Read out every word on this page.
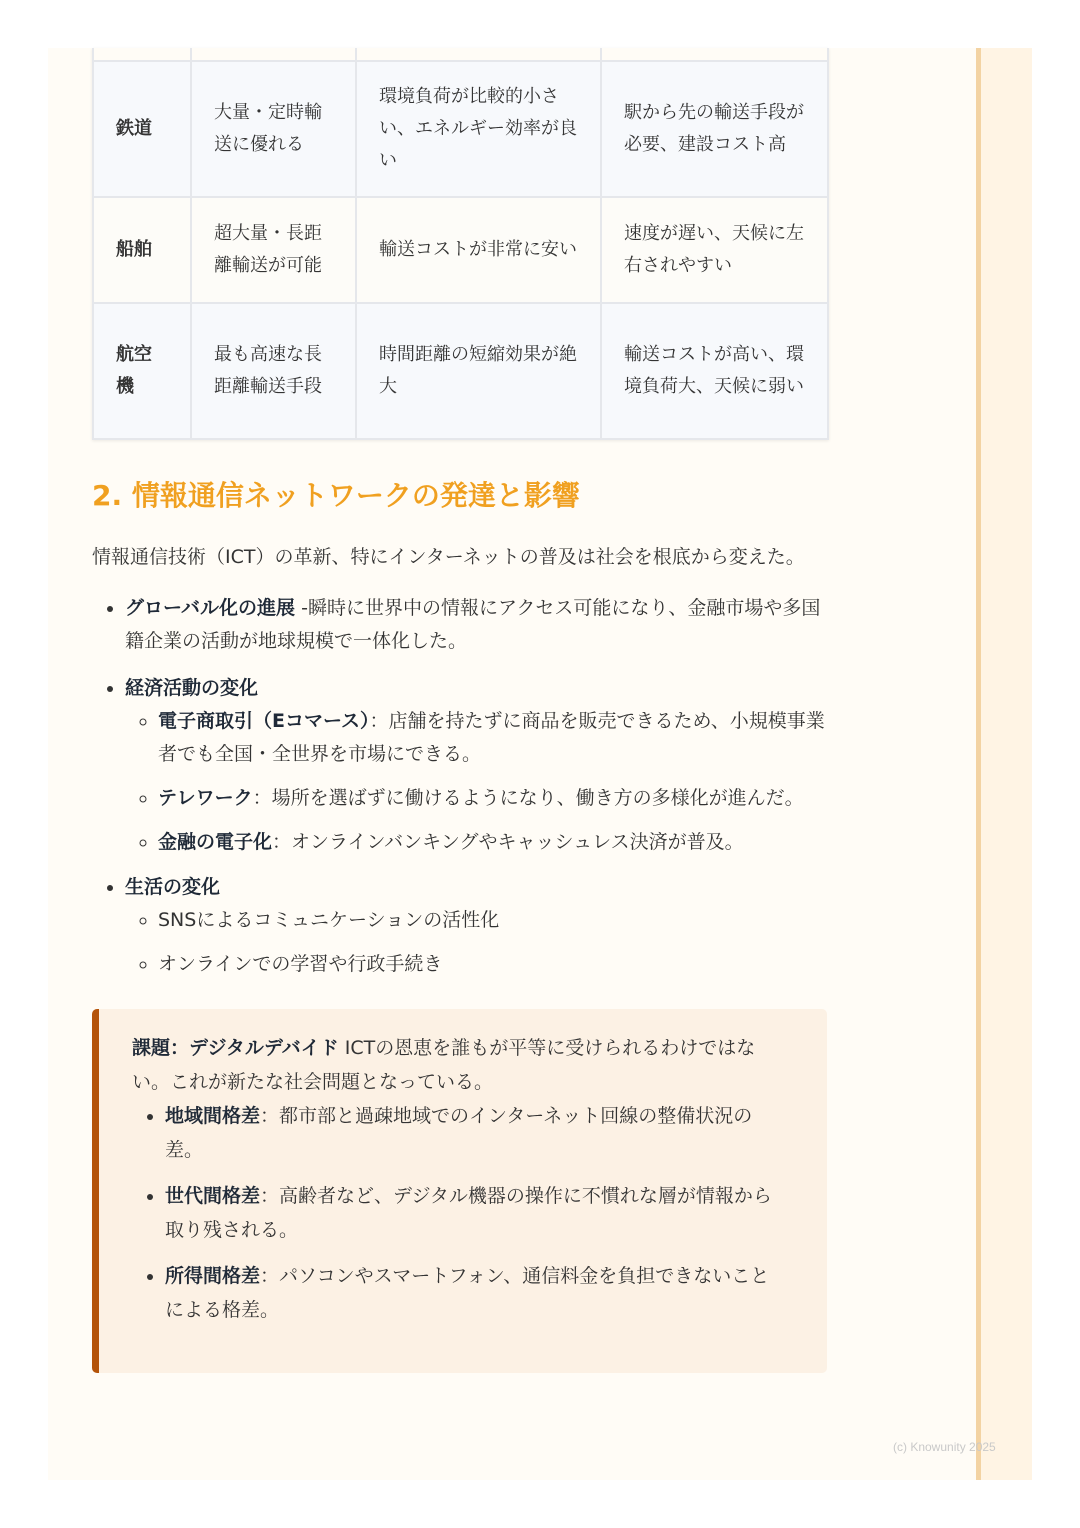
鉄道	大量・定時輸送に優れる	環境負荷が比較的小さい、エネルギー効率が良い	駅から先の輸送手段が必要、建設コスト高
船舶	超大量・長距離輸送が可能	輸送コストが非常に安い	速度が遅い、天候に左右されやすい
航空機	最も高速な長距離輸送手段	時間距離の短縮効果が絶大	輸送コストが高い、環境負荷大、天候に弱い
2. 情報通信ネットワークの発達と影響

情報通信技術（ICT）の革新、特にインターネットの普及は社会を根底から変えた。

• グローバル化の進展 -瞬時に世界中の情報にアクセス可能になり、金融市場や多国籍企業の活動が地球規模で一体化した。
• 経済活動の変化
◦ 電子商取引（Eコマース）：店舗を持たずに商品を販売できるため、小規模事業者でも全国・全世界を市場にできる。
◦ テレワーク：場所を選ばずに働けるようになり、働き方の多様化が進んだ。
◦ 金融の電子化：オンラインバンキングやキャッシュレス決済が普及。
• 生活の変化
◦ SNSによるコミュニケーションの活性化
◦ オンラインでの学習や行政手続き
課題：デジタルデバイド ICTの恩恵を誰もが平等に受けられるわけではない。これが新たな社会問題となっている。
• 地域間格差：都市部と過疎地域でのインターネット回線の整備状況の差。
• 世代間格差：高齢者など、デジタル機器の操作に不慣れな層が情報から取り残される。
• 所得間格差：パソコンやスマートフォン、通信料金を負担できないことによる格差。
(c) Knowunity 2025
